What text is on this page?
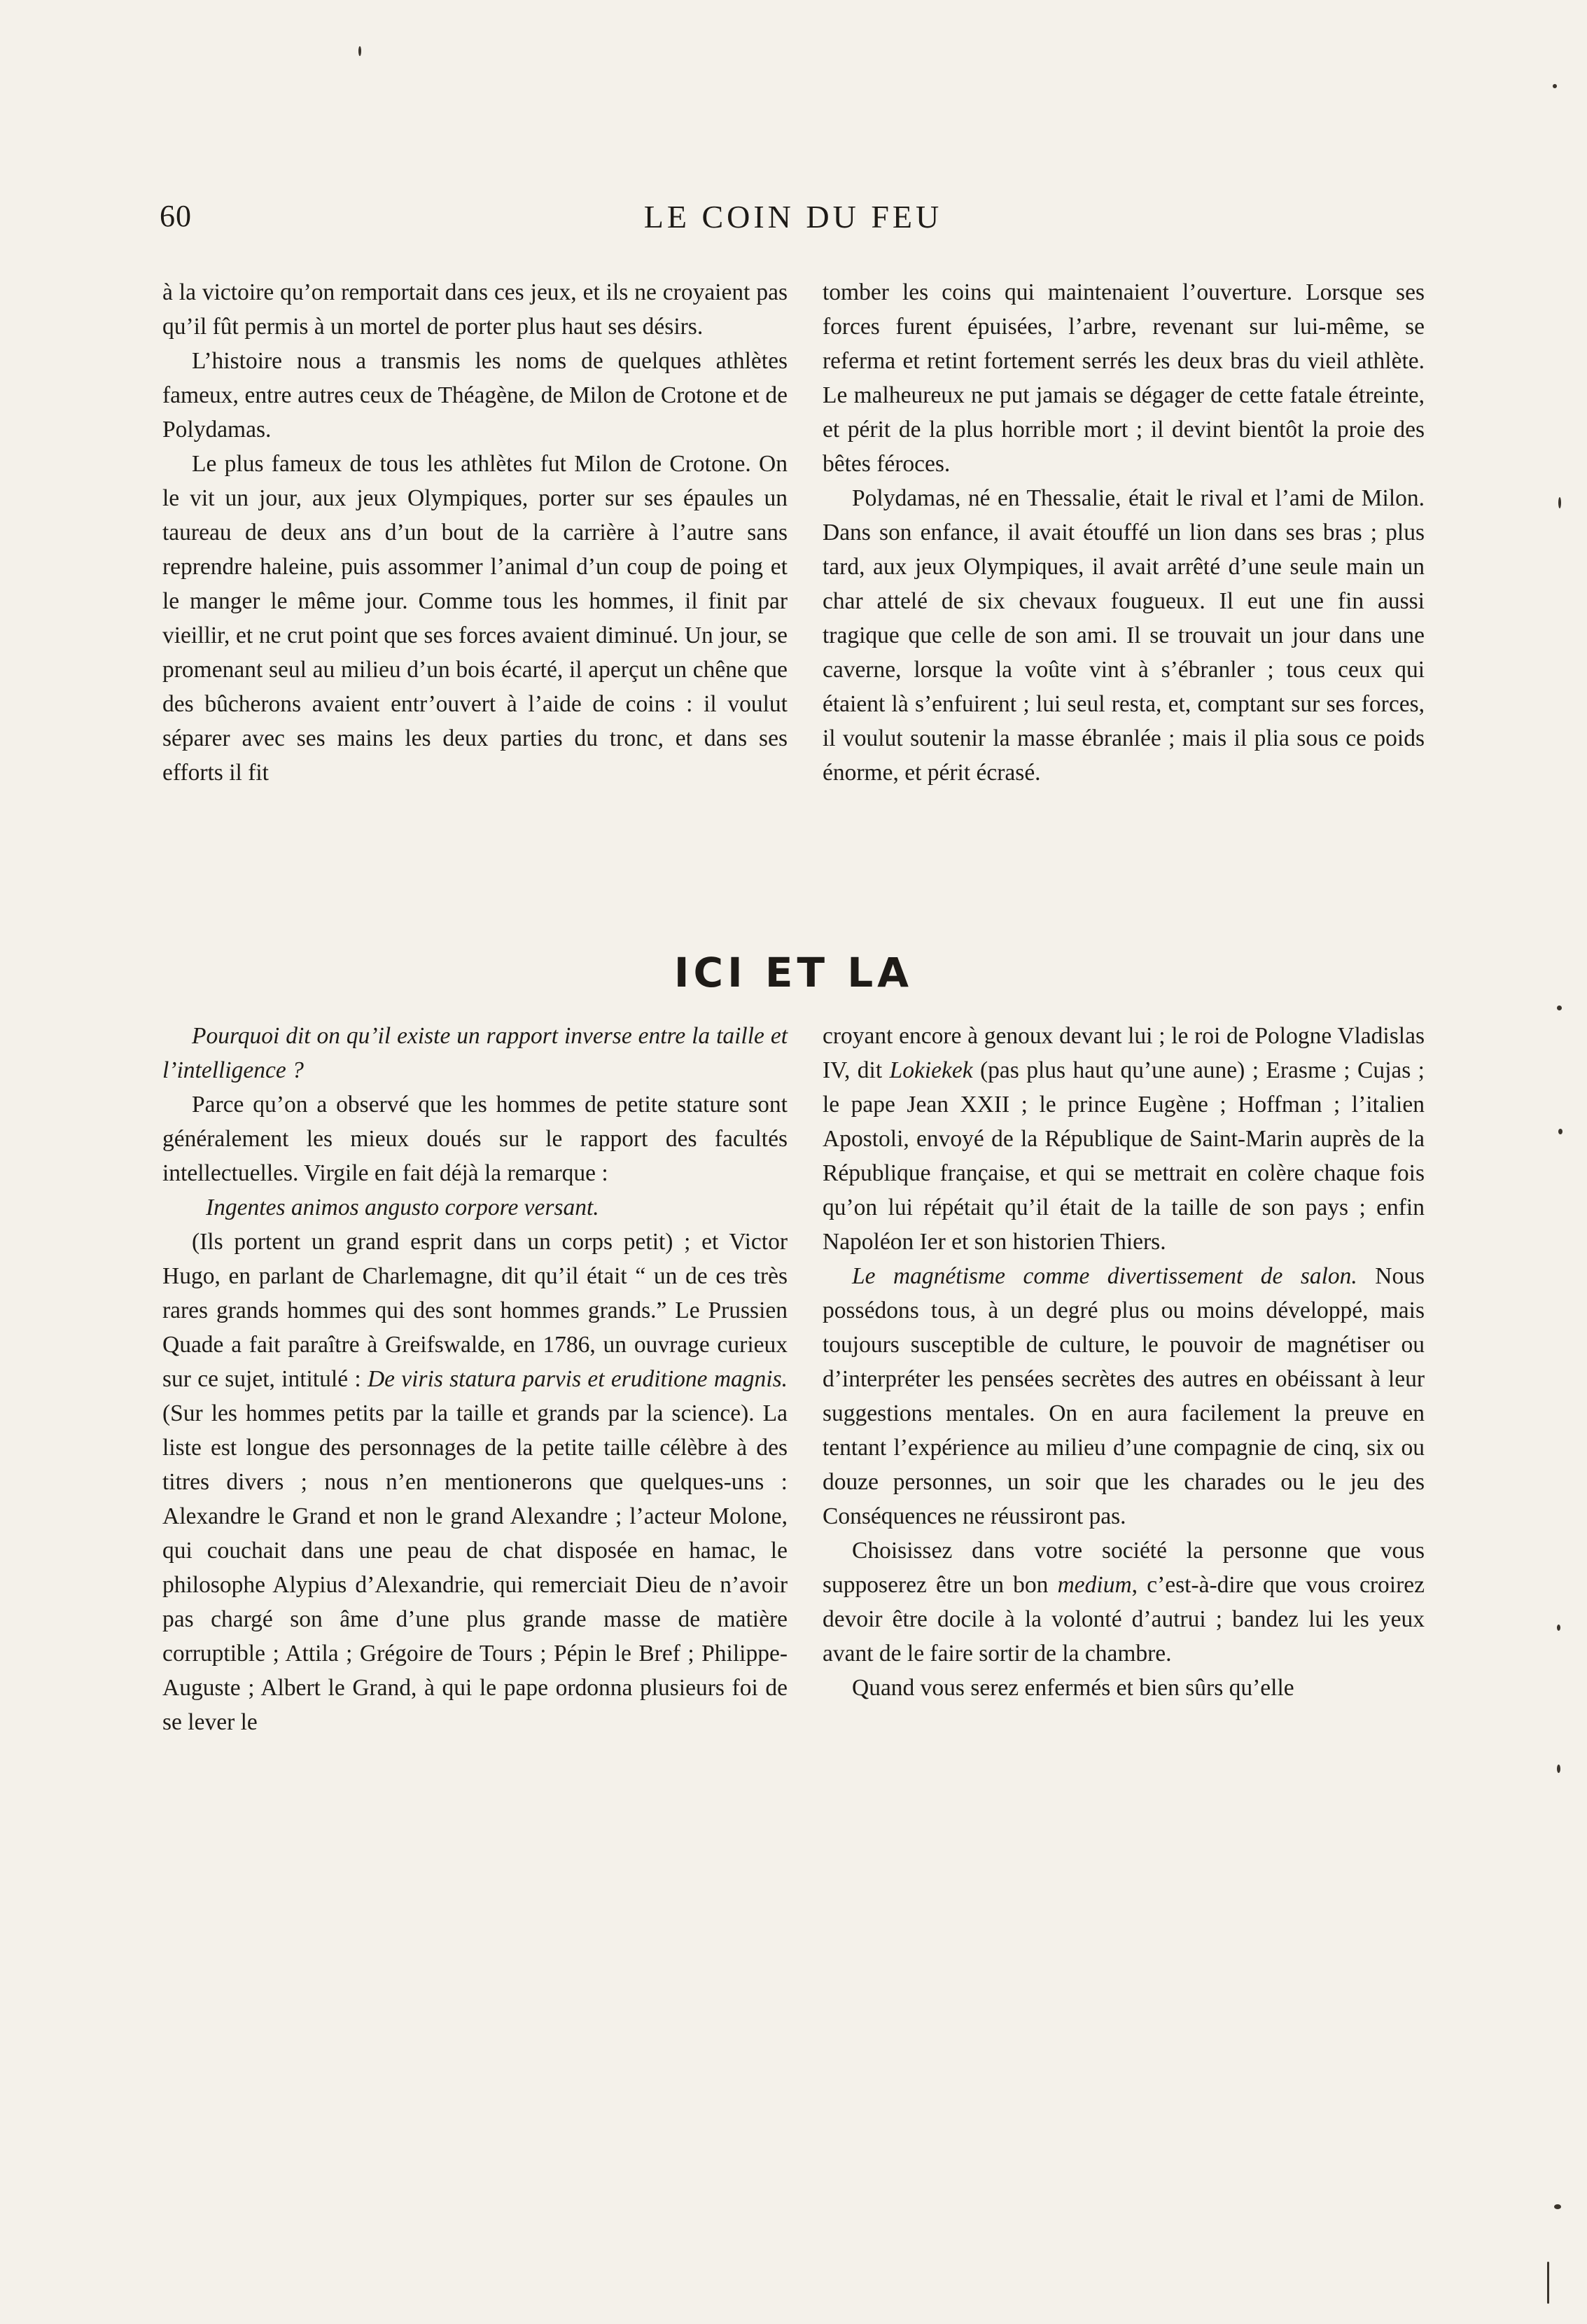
60	LE COIN DU FEU

à la victoire qu’on remportait dans ces jeux, et ils ne croyaient pas qu’il fût permis à un mortel de porter plus haut ses désirs.

L’histoire nous a transmis les noms de quelques athlètes fameux, entre autres ceux de Théagène, de Milon de Crotone et de Polydamas.

Le plus fameux de tous les athlètes fut Milon de Crotone. On le vit un jour, aux jeux Olympiques, porter sur ses épaules un taureau de deux ans d’un bout de la carrière à l’autre sans reprendre haleine, puis assommer l’animal d’un coup de poing et le manger le même jour. Comme tous les hommes, il finit par vieillir, et ne crut point que ses forces avaient diminué. Un jour, se promenant seul au milieu d’un bois écarté, il aperçut un chêne que des bûcherons avaient entr’ouvert à l’aide de coins : il voulut séparer avec ses mains les deux parties du tronc, et dans ses efforts il fit

tomber les coins qui maintenaient l’ouverture. Lorsque ses forces furent épuisées, l’arbre, revenant sur lui-même, se referma et retint fortement serrés les deux bras du vieil athlète. Le malheureux ne put jamais se dégager de cette fatale étreinte, et périt de la plus horrible mort ; il devint bientôt la proie des bêtes féroces.

Polydamas, né en Thessalie, était le rival et l’ami de Milon. Dans son enfance, il avait étouffé un lion dans ses bras ; plus tard, aux jeux Olympiques, il avait arrêté d’une seule main un char attelé de six chevaux fougueux. Il eut une fin aussi tragique que celle de son ami. Il se trouvait un jour dans une caverne, lorsque la voûte vint à s’ébranler ; tous ceux qui étaient là s’enfuirent ; lui seul resta, et, comptant sur ses forces, il voulut soutenir la masse ébranlée ; mais il plia sous ce poids énorme, et périt écrasé.

ICI ET LA

Pourquoi dit on qu’il existe un rapport inverse entre la taille et l’intelligence ?

Parce qu’on a observé que les hommes de petite stature sont généralement les mieux doués sur le rapport des facultés intellectuelles. Virgile en fait déjà la remarque :

Ingentes animos angusto corpore versant.

(Ils portent un grand esprit dans un corps petit) ; et Victor Hugo, en parlant de Charlemagne, dit qu’il était “ un de ces très rares grands hommes qui des sont hommes grands.” Le Prussien Quade a fait paraître à Greifswalde, en 1786, un ouvrage curieux sur ce sujet, intitulé : De viris statura parvis et eruditione magnis. (Sur les hommes petits par la taille et grands par la science). La liste est longue des personnages de la petite taille célèbre à des titres divers ; nous n’en mentionerons que quelques-uns : Alexandre le Grand et non le grand Alexandre ; l’acteur Molone, qui couchait dans une peau de chat disposée en hamac, le philosophe Alypius d’Alexandrie, qui remerciait Dieu de n’avoir pas chargé son âme d’une plus grande masse de matière corruptible ; Attila ; Grégoire de Tours ; Pépin le Bref ; Philippe-Auguste ; Albert le Grand, à qui le pape ordonna plusieurs foi de se lever le

croyant encore à genoux devant lui ; le roi de Pologne Vladislas IV, dit Lokiekek (pas plus haut qu’une aune) ; Erasme ; Cujas ; le pape Jean XXII ; le prince Eugène ; Hoffman ; l’italien Apostoli, envoyé de la République de Saint-Marin auprès de la République française, et qui se mettrait en colère chaque fois qu’on lui répétait qu’il était de la taille de son pays ; enfin Napoléon Ier et son historien Thiers.

Le magnétisme comme divertissement de salon. Nous possédons tous, à un degré plus ou moins développé, mais toujours susceptible de culture, le pouvoir de magnétiser ou d’interpréter les pensées secrètes des autres en obéissant à leur suggestions mentales. On en aura facilement la preuve en tentant l’expérience au milieu d’une compagnie de cinq, six ou douze personnes, un soir que les charades ou le jeu des Conséquences ne réussiront pas.

Choisissez dans votre société la personne que vous supposerez être un bon medium, c’est-à-dire que vous croirez devoir être docile à la volonté d’autrui ; bandez lui les yeux avant de le faire sortir de la chambre.

Quand vous serez enfermés et bien sûrs qu’elle
